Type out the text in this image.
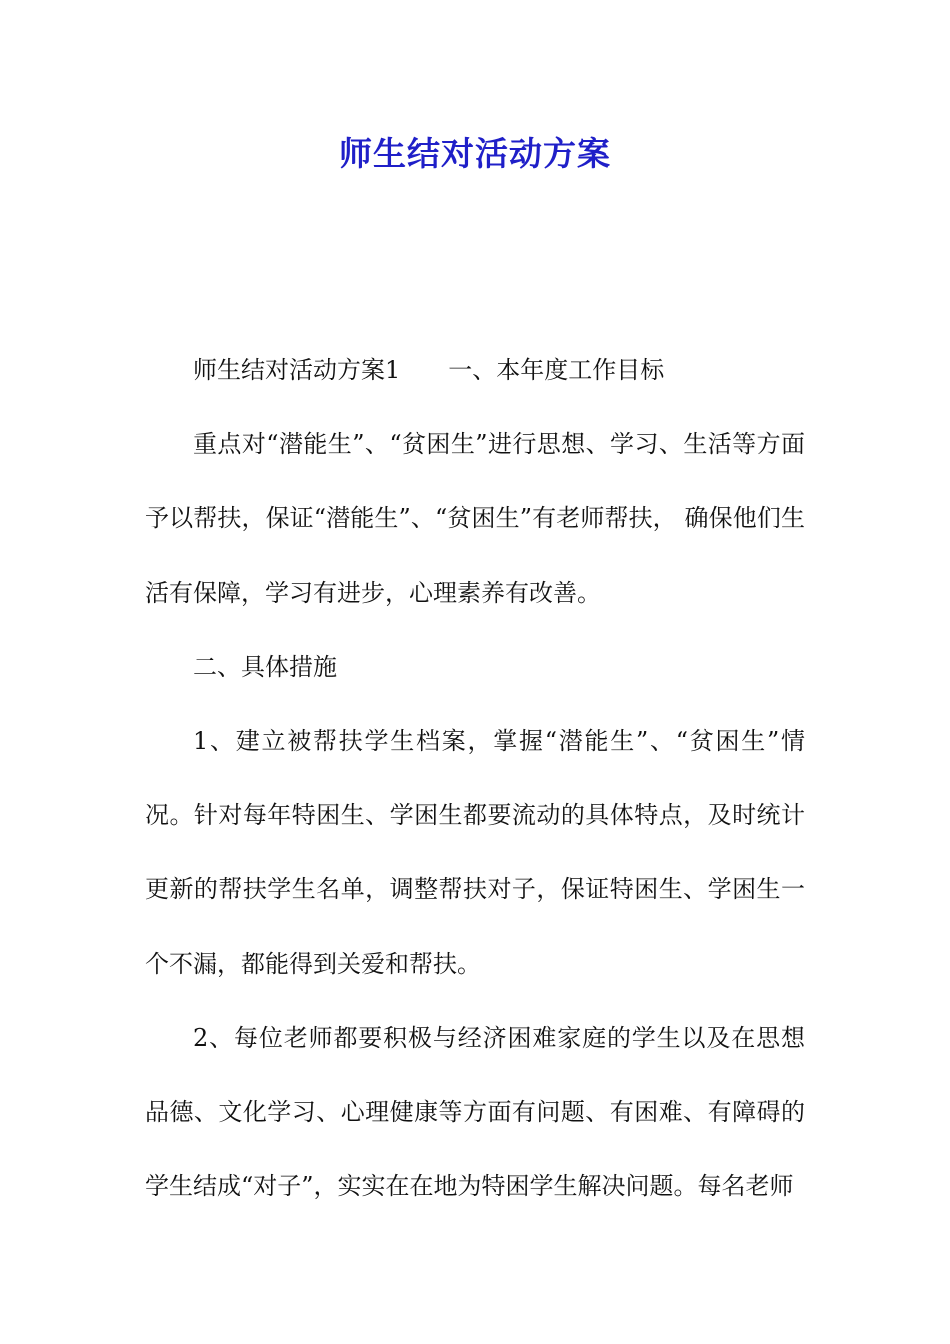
师生结对活动方案

师生结对活动方案1 一、本年度工作目标

重点对“潜能生”、“贫困生”进行思想、学习、生活等方面予以帮扶，保证“潜能生”、“贫困生”有老师帮扶， 确保他们生活有保障，学习有进步，心理素养有改善。

二、具体措施

1、建立被帮扶学生档案，掌握“潜能生”、“贫困生”情况。针对每年特困生、学困生都要流动的具体特点，及时统计更新的帮扶学生名单，调整帮扶对子，保证特困生、学困生一个不漏，都能得到关爱和帮扶。

2、每位老师都要积极与经济困难家庭的学生以及在思想品德、文化学习、心理健康等方面有问题、有困难、有障碍的学生结成“对子”，实实在在地为特困学生解决问题。每名老师
